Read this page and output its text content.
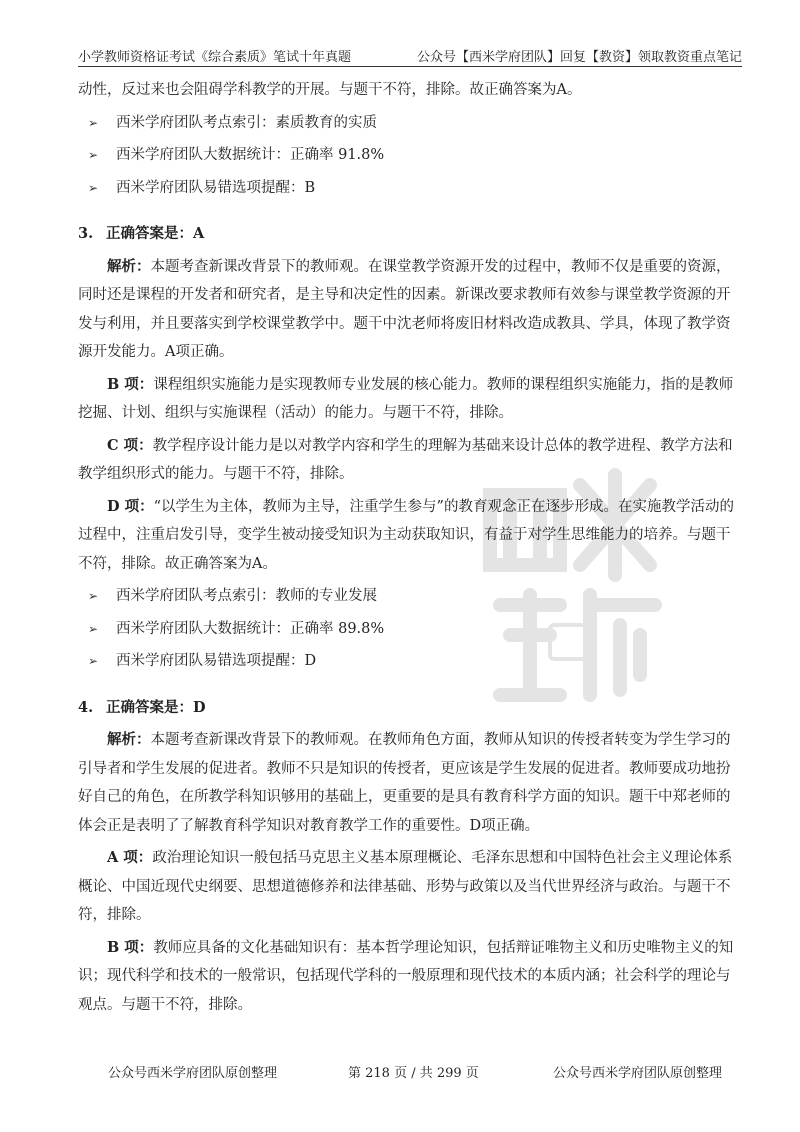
小学教师资格证考试《综合素质》笔试十年真题	公众号【西米学府团队】回复【教资】领取教资重点笔记

动性，反过来也会阻碍学科教学的开展。与题干不符，排除。故正确答案为A。

➢ 西米学府团队考点索引：素质教育的实质
➢ 西米学府团队大数据统计：正确率 91.8%
➢ 西米学府团队易错选项提醒：B

3. 正确答案是：A

解析：本题考查新课改背景下的教师观。在课堂教学资源开发的过程中，教师不仅是重要的资源，同时还是课程的开发者和研究者，是主导和决定性的因素。新课改要求教师有效参与课堂教学资源的开发与利用，并且要落实到学校课堂教学中。题干中沈老师将废旧材料改造成教具、学具，体现了教学资源开发能力。A项正确。

B 项：课程组织实施能力是实现教师专业发展的核心能力。教师的课程组织实施能力，指的是教师挖掘、计划、组织与实施课程（活动）的能力。与题干不符，排除。

C 项：教学程序设计能力是以对教学内容和学生的理解为基础来设计总体的教学进程、教学方法和教学组织形式的能力。与题干不符，排除。

D 项：“以学生为主体，教师为主导，注重学生参与”的教育观念正在逐步形成。在实施教学活动的过程中，注重启发引导，变学生被动接受知识为主动获取知识，有益于对学生思维能力的培养。与题干不符，排除。故正确答案为A。

➢ 西米学府团队考点索引：教师的专业发展
➢ 西米学府团队大数据统计：正确率 89.8%
➢ 西米学府团队易错选项提醒：D

4. 正确答案是：D

解析：本题考查新课改背景下的教师观。在教师角色方面，教师从知识的传授者转变为学生学习的引导者和学生发展的促进者。教师不只是知识的传授者，更应该是学生发展的促进者。教师要成功地扮好自己的角色，在所教学科知识够用的基础上，更重要的是具有教育科学方面的知识。题干中郑老师的体会正是表明了了解教育科学知识对教育教学工作的重要性。D项正确。

A 项：政治理论知识一般包括马克思主义基本原理概论、毛泽东思想和中国特色社会主义理论体系概论、中国近现代史纲要、思想道德修养和法律基础、形势与政策以及当代世界经济与政治。与题干不符，排除。

B 项：教师应具备的文化基础知识有：基本哲学理论知识，包括辩证唯物主义和历史唯物主义的知识；现代科学和技术的一般常识，包括现代学科的一般原理和现代技术的本质内涵；社会科学的理论与观点。与题干不符，排除。

公众号西米学府团队原创整理	第 218 页 / 共 299 页	公众号西米学府团队原创整理
